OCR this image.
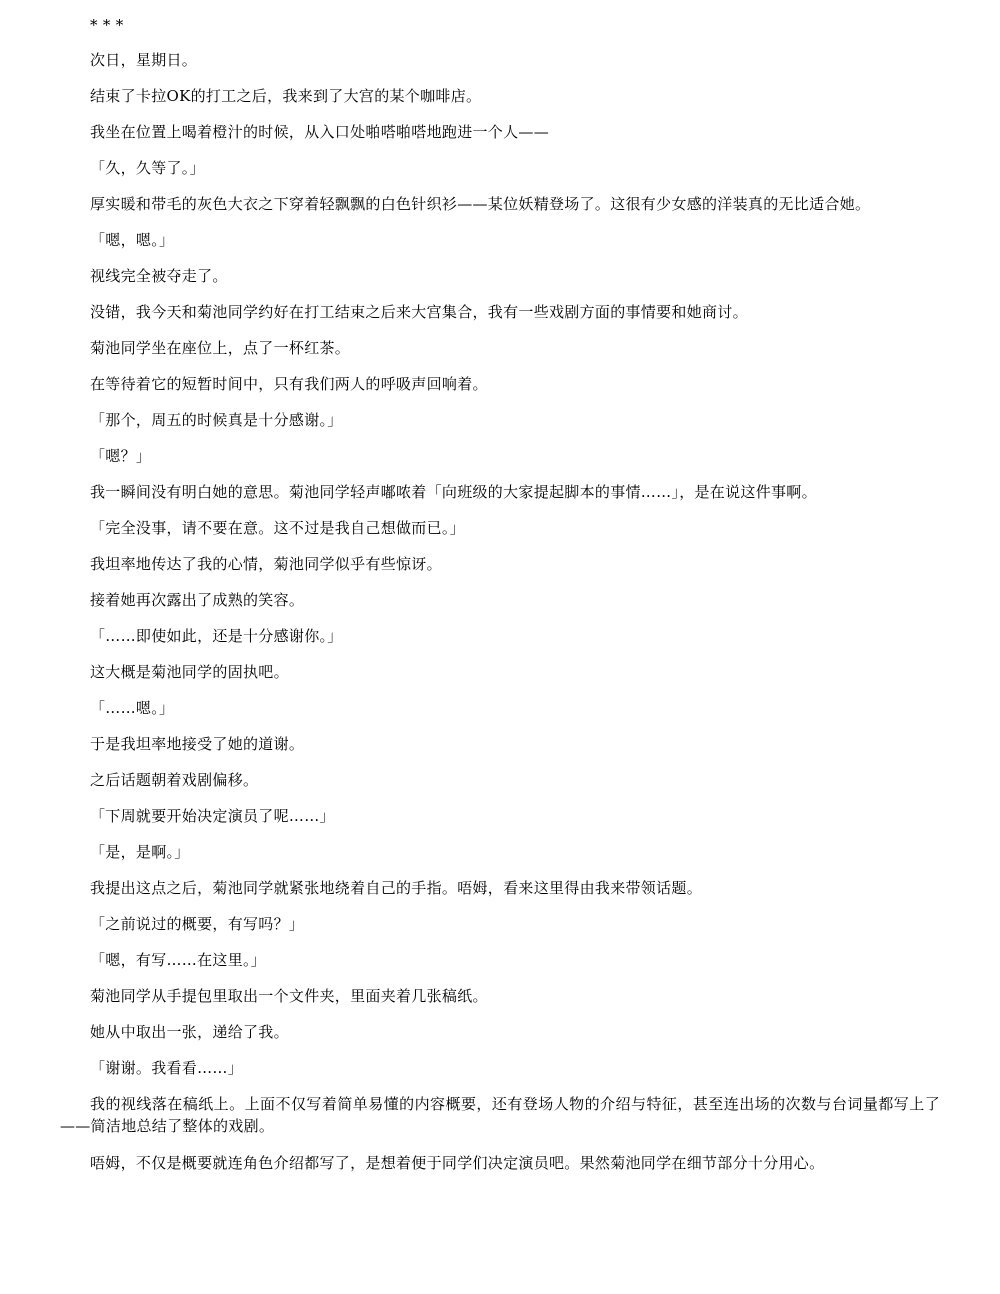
* * *

次日，星期日。

结束了卡拉OK的打工之后，我来到了大宫的某个咖啡店。

我坐在位置上喝着橙汁的时候，从入口处啪嗒啪嗒地跑进一个人——

「久，久等了。」

厚实暖和带毛的灰色大衣之下穿着轻飘飘的白色针织衫——某位妖精登场了。这很有少女感的洋装真的无比适合她。

「嗯，嗯。」

视线完全被夺走了。

没错，我今天和菊池同学约好在打工结束之后来大宫集合，我有一些戏剧方面的事情要和她商讨。

菊池同学坐在座位上，点了一杯红茶。

在等待着它的短暂时间中，只有我们两人的呼吸声回响着。

「那个，周五的时候真是十分感谢。」

「嗯？」

我一瞬间没有明白她的意思。菊池同学轻声嘟哝着「向班级的大家提起脚本的事情……」，是在说这件事啊。

「完全没事，请不要在意。这不过是我自己想做而已。」

我坦率地传达了我的心情，菊池同学似乎有些惊讶。

接着她再次露出了成熟的笑容。

「……即使如此，还是十分感谢你。」

这大概是菊池同学的固执吧。

「……嗯。」

于是我坦率地接受了她的道谢。

之后话题朝着戏剧偏移。

「下周就要开始决定演员了呢……」

「是，是啊。」

我提出这点之后，菊池同学就紧张地绕着自己的手指。唔姆，看来这里得由我来带领话题。

「之前说过的概要，有写吗？」

「嗯，有写……在这里。」

菊池同学从手提包里取出一个文件夹，里面夹着几张稿纸。

她从中取出一张，递给了我。

「谢谢。我看看……」

我的视线落在稿纸上。上面不仅写着简单易懂的内容概要，还有登场人物的介绍与特征，甚至连出场的次数与台词量都写上了——简洁地总结了整体的戏剧。

唔姆，不仅是概要就连角色介绍都写了，是想着便于同学们决定演员吧。果然菊池同学在细节部分十分用心。
